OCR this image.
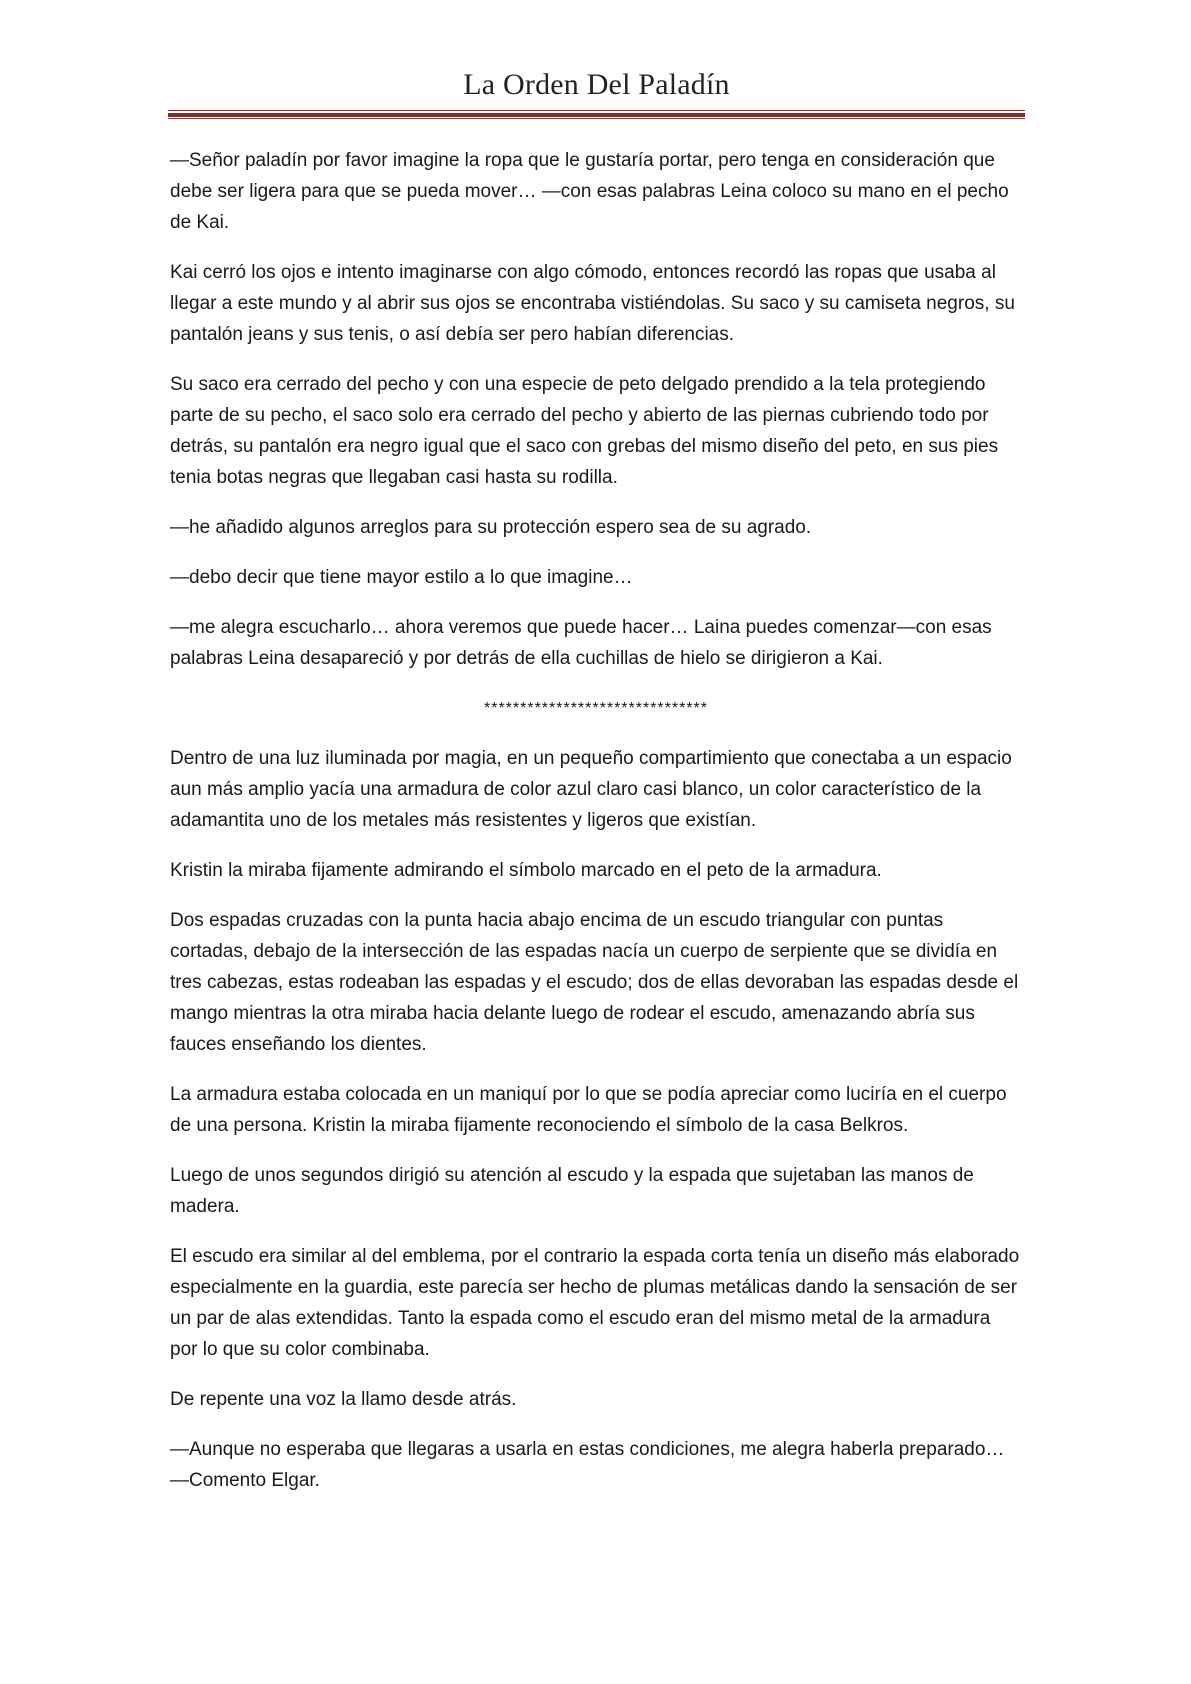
La Orden Del Paladín

—Señor paladín por favor imagine la ropa que le gustaría portar, pero tenga en consideración que debe ser ligera para que se pueda mover… —con esas palabras Leina coloco su mano en el pecho de Kai.

Kai cerró los ojos e intento imaginarse con algo cómodo, entonces recordó las ropas que usaba al llegar a este mundo y al abrir sus ojos se encontraba vistiéndolas. Su saco y su camiseta negros, su pantalón jeans y sus tenis, o así debía ser pero habían diferencias.

Su saco era cerrado del pecho y con una especie de peto delgado prendido a la tela protegiendo parte de su pecho, el saco solo era cerrado del pecho y abierto de las piernas cubriendo todo por detrás, su pantalón era negro igual que el saco con grebas del mismo diseño del peto, en sus pies tenia botas negras que llegaban casi hasta su rodilla.

—he añadido algunos arreglos para su protección espero sea de su agrado.

—debo decir que tiene mayor estilo a lo que imagine…

—me alegra escucharlo… ahora veremos que puede hacer… Laina puedes comenzar—con esas palabras Leina desapareció y por detrás de ella cuchillas de hielo se dirigieron a Kai.

*******************************

Dentro de una luz iluminada por magia, en un pequeño compartimiento que conectaba a un espacio aun más amplio yacía una armadura de color azul claro casi blanco, un color característico de la adamantita uno de los metales más resistentes y ligeros que existían.

Kristin la miraba fijamente admirando el símbolo marcado en el peto de la armadura.

Dos espadas cruzadas con la punta hacia abajo encima de un escudo triangular con puntas cortadas, debajo de la intersección de las espadas nacía un cuerpo de serpiente que se dividía en tres cabezas, estas rodeaban las espadas y el escudo; dos de ellas devoraban las espadas desde el mango mientras la otra miraba hacia delante luego de rodear el escudo, amenazando abría sus fauces enseñando los dientes.

La armadura estaba colocada en un maniquí por lo que se podía apreciar como luciría en el cuerpo de una persona. Kristin la miraba fijamente reconociendo el símbolo de la casa Belkros.

Luego de unos segundos dirigió su atención al escudo y la espada que sujetaban las manos de madera.

El escudo era similar al del emblema, por el contrario la espada corta tenía un diseño más elaborado especialmente en la guardia, este parecía ser hecho de plumas metálicas dando la sensación de ser un par de alas extendidas. Tanto la espada como el escudo eran del mismo metal de la armadura por lo que su color combinaba.

De repente una voz la llamo desde atrás.

—Aunque no esperaba que llegaras a usarla en estas condiciones, me alegra haberla preparado… —Comento Elgar.
